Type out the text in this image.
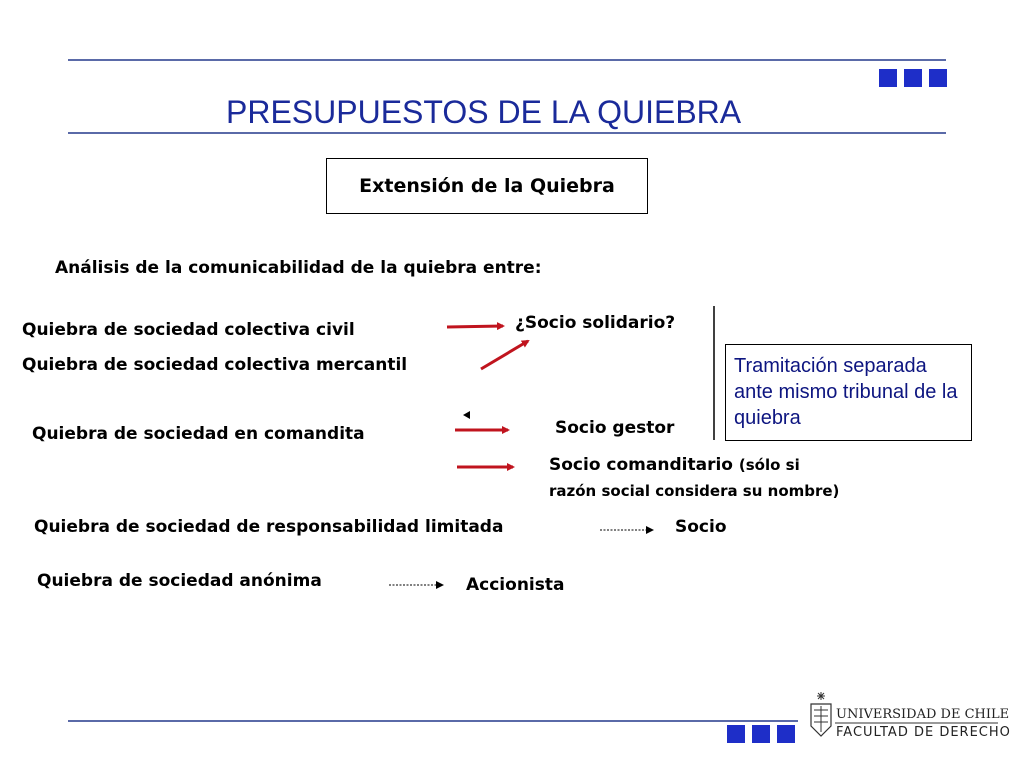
PRESUPUESTOS DE LA QUIEBRA
Extensión de la Quiebra
Análisis de la comunicabilidad de la quiebra entre:
Quiebra de sociedad colectiva civil
Quiebra de sociedad colectiva mercantil
¿Socio solidario?
Tramitación separada ante mismo tribunal de la quiebra
Quiebra de sociedad en comandita	Socio gestor
Socio comanditario (sólo si
razón social considera su nombre)
Quiebra de sociedad de responsabilidad limitada	Socio
Quiebra de sociedad anónima	Accionista
UNIVERSIDAD DE CHILE
FACULTAD DE DERECHO
